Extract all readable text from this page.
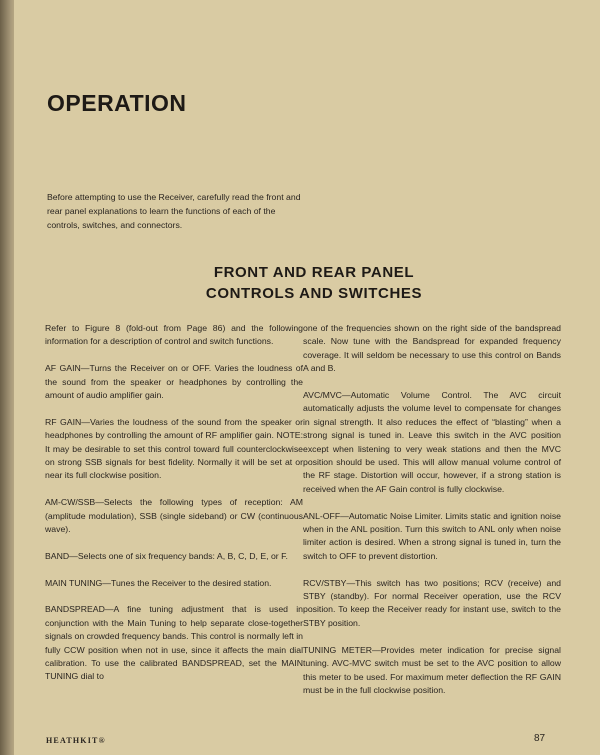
OPERATION
Before attempting to use the Receiver, carefully read the front and rear panel explanations to learn the functions of each of the controls, switches, and connectors.
FRONT AND REAR PANEL
CONTROLS AND SWITCHES

Refer to Figure 8 (fold-out from Page 86) and the following information for a description of control and switch functions.

AF GAIN—Turns the Receiver on or OFF. Varies the loudness of the sound from the speaker or headphones by controlling the amount of audio amplifier gain.

RF GAIN—Varies the loudness of the sound from the speaker or headphones by controlling the amount of RF amplifier gain. NOTE: It may be desirable to set this control toward full counterclockwise on strong SSB signals for best fidelity. Normally it will be set at or near its full clockwise position.

AM-CW/SSB—Selects the following types of reception: AM (amplitude modulation), SSB (single sideband) or CW (continuous wave).

BAND—Selects one of six frequency bands: A, B, C, D, E, or F.

MAIN TUNING—Tunes the Receiver to the desired station.

BANDSPREAD—A fine tuning adjustment that is used in conjunction with the Main Tuning to help separate close-together signals on crowded frequency bands. This control is normally left in fully CCW position when not in use, since it affects the main dial calibration. To use the calibrated BANDSPREAD, set the MAIN TUNING dial to

one of the frequencies shown on the right side of the bandspread scale. Now tune with the Bandspread for expanded frequency coverage. It will seldom be necessary to use this control on Bands A and B.

AVC/MVC—Automatic Volume Control. The AVC circuit automatically adjusts the volume level to compensate for changes in signal strength. It also reduces the effect of “blasting” when a strong signal is tuned in. Leave this switch in the AVC position except when listening to very weak stations and then the MVC position should be used. This will allow manual volume control of the RF stage. Distortion will occur, however, if a strong station is received when the AF Gain control is fully clockwise.

ANL-OFF—Automatic Noise Limiter. Limits static and ignition noise when in the ANL position. Turn this switch to ANL only when noise limiter action is desired. When a strong signal is tuned in, turn the switch to OFF to prevent distortion.

RCV/STBY—This switch has two positions; RCV (receive) and STBY (standby). For normal Receiver operation, use the RCV position. To keep the Receiver ready for instant use, switch to the STBY position.

TUNING METER—Provides meter indication for precise signal tuning. AVC-MVC switch must be set to the AVC position to allow this meter to be used. For maximum meter deflection the RF GAIN must be in the full clockwise position.

HEATHKIT®	87
